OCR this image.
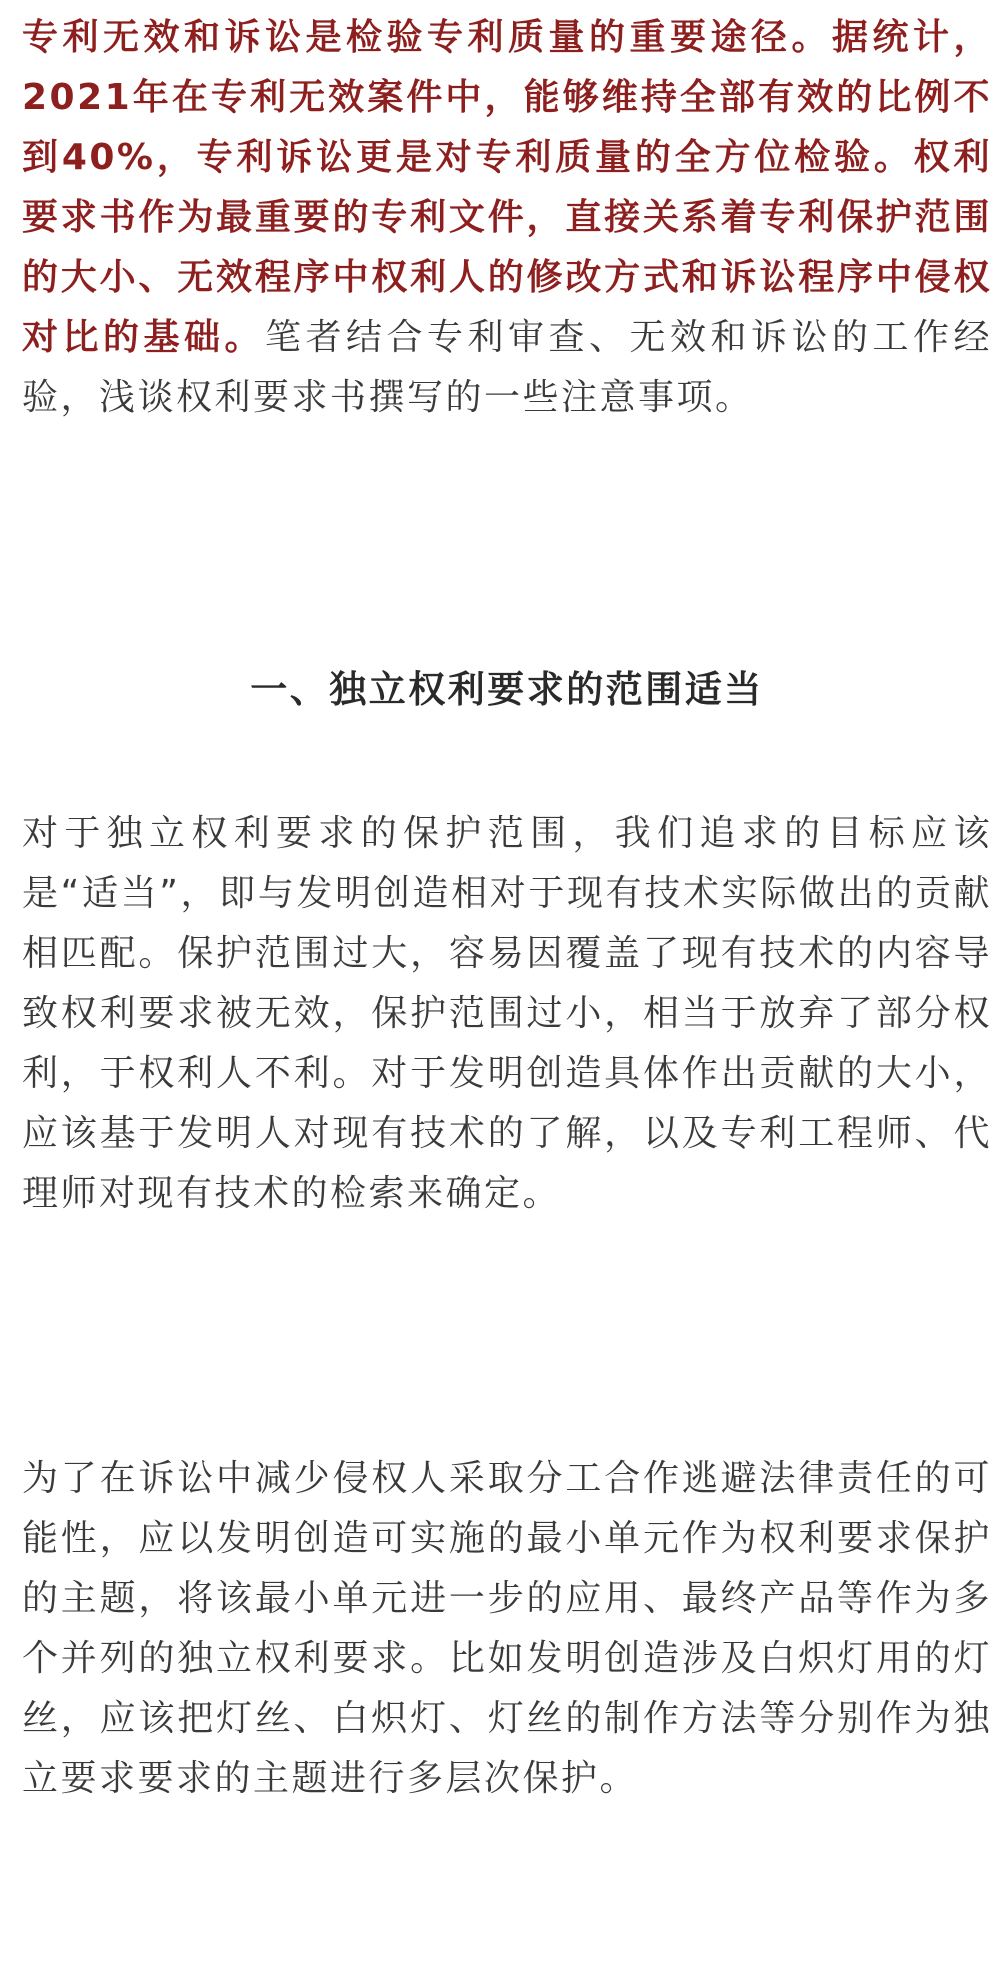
专利无效和诉讼是检验专利质量的重要途径。据统计，2021年在专利无效案件中，能够维持全部有效的比例不到40%，专利诉讼更是对专利质量的全方位检验。权利要求书作为最重要的专利文件，直接关系着专利保护范围的大小、无效程序中权利人的修改方式和诉讼程序中侵权对比的基础。笔者结合专利审查、无效和诉讼的工作经验，浅谈权利要求书撰写的一些注意事项。

一、独立权利要求的范围适当

对于独立权利要求的保护范围，我们追求的目标应该是“适当”，即与发明创造相对于现有技术实际做出的贡献相匹配。保护范围过大，容易因覆盖了现有技术的内容导致权利要求被无效，保护范围过小，相当于放弃了部分权利，于权利人不利。对于发明创造具体作出贡献的大小，应该基于发明人对现有技术的了解，以及专利工程师、代理师对现有技术的检索来确定。

为了在诉讼中减少侵权人采取分工合作逃避法律责任的可能性，应以发明创造可实施的最小单元作为权利要求保护的主题，将该最小单元进一步的应用、最终产品等作为多个并列的独立权利要求。比如发明创造涉及白炽灯用的灯丝，应该把灯丝、白炽灯、灯丝的制作方法等分别作为独立要求要求的主题进行多层次保护。
